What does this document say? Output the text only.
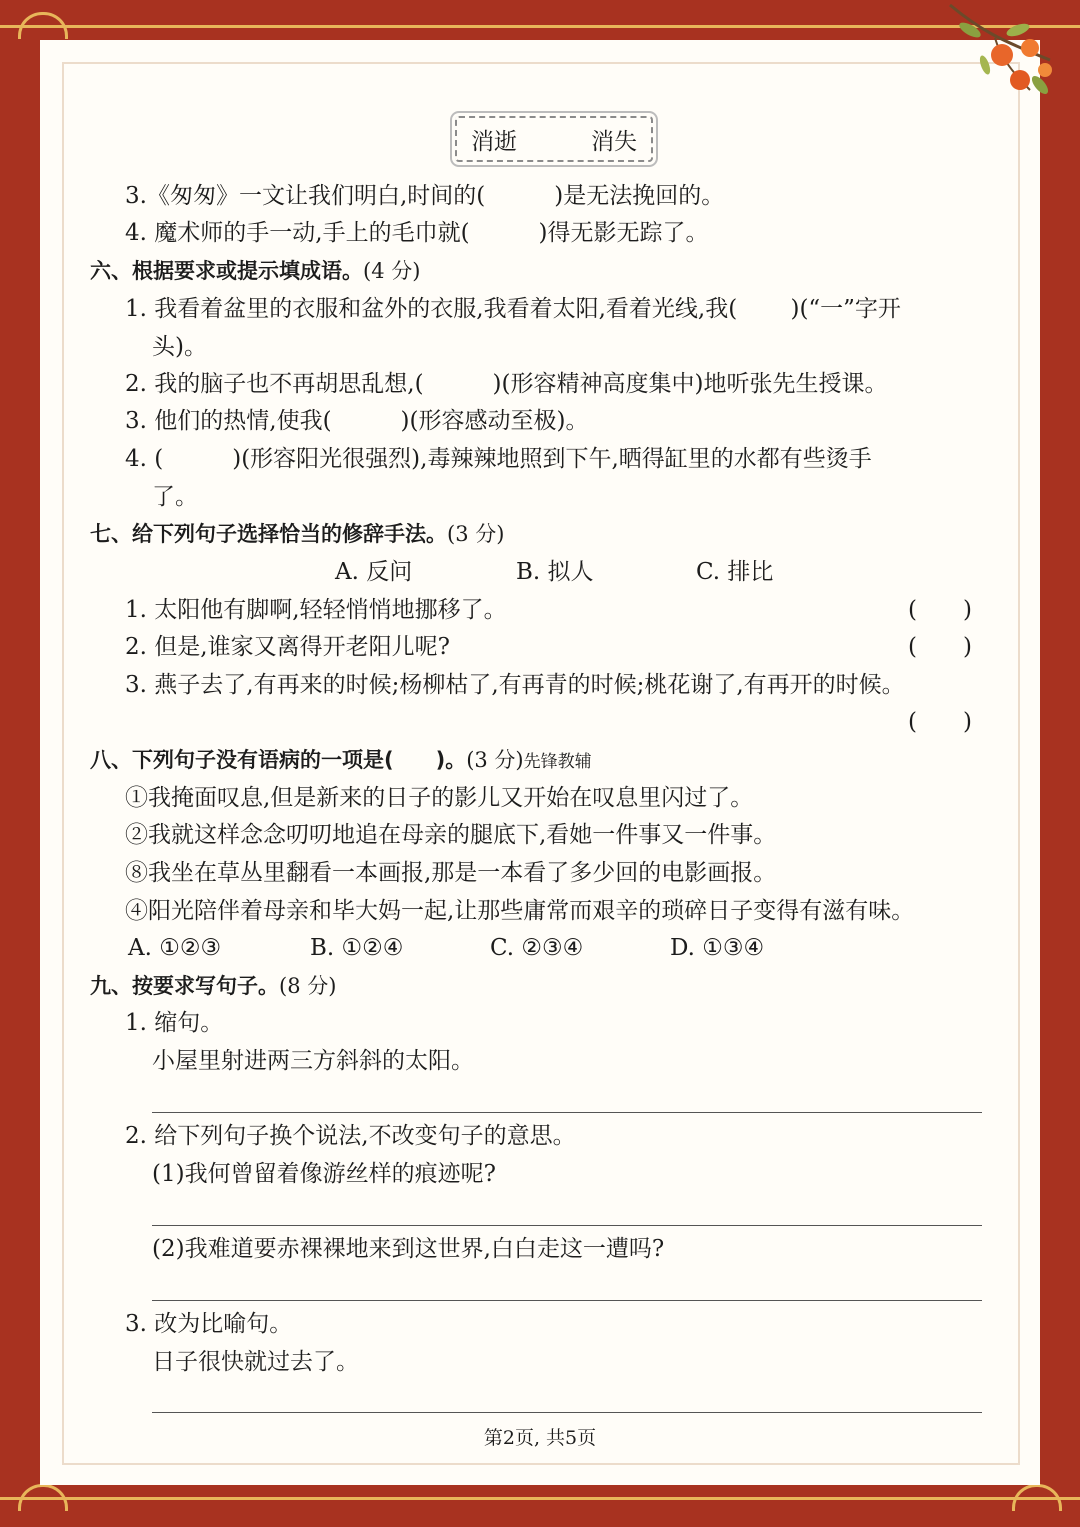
消逝	消失
3.《匆匆》一文让我们明白,时间的(　　　)是无法挽回的。
4. 魔术师的手一动,手上的毛巾就(　　　)得无影无踪了。
六、根据要求或提示填成语。(4 分)
1. 我看着盆里的衣服和盆外的衣服,我看着太阳,看着光线,我(　　 )(“一”字开
头)。
2. 我的脑子也不再胡思乱想,(　　　)(形容精神高度集中)地听张先生授课。
3. 他们的热情,使我(　　　)(形容感动至极)。
4. (　　　)(形容阳光很强烈),毒辣辣地照到下午,晒得缸里的水都有些烫手
了。
七、给下列句子选择恰当的修辞手法。(3 分)
A. 反问	B. 拟人	C. 排比
1. 太阳他有脚啊,轻轻悄悄地挪移了。	(　　)
2. 但是,谁家又离得开老阳儿呢?	(　　)
3. 燕子去了,有再来的时候;杨柳枯了,有再青的时候;桃花谢了,有再开的时候。
(　　)
八、下列句子没有语病的一项是(　　)。(3 分)先锋教辅
①我掩面叹息,但是新来的日子的影儿又开始在叹息里闪过了。
②我就这样念念叨叨地追在母亲的腿底下,看她一件事又一件事。
⑧我坐在草丛里翻看一本画报,那是一本看了多少回的电影画报。
④阳光陪伴着母亲和毕大妈一起,让那些庸常而艰辛的琐碎日子变得有滋有味。
A. ①②③	B. ①②④	C. ②③④	D. ①③④
九、按要求写句子。(8 分)
1. 缩句。
小屋里射进两三方斜斜的太阳。
2. 给下列句子换个说法,不改变句子的意思。
(1)我何曾留着像游丝样的痕迹呢?
(2)我难道要赤裸裸地来到这世界,白白走这一遭吗?
3. 改为比喻句。
日子很快就过去了。
第2页, 共5页
